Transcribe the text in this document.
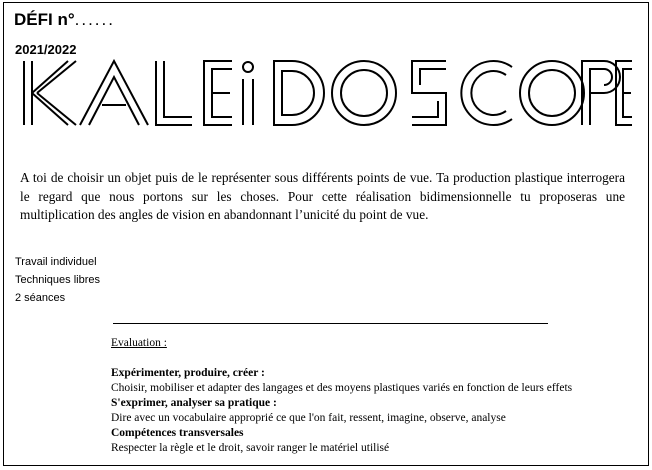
DÉFI n°......
2021/2022

A toi de choisir un objet puis de le représenter sous différents points de vue. Ta production plastique interrogera le regard que nous portons sur les choses. Pour cette réalisation bidimensionnelle tu proposeras une multiplication des angles de vision en abandonnant l’unicité du point de vue.

Travail individuel
Techniques libres
2 séances
Evaluation :
Expérimenter, produire, créer :
Choisir, mobiliser et adapter des langages et des moyens plastiques variés en fonction de leurs effets
S'exprimer, analyser sa pratique :
Dire avec un vocabulaire approprié ce que l'on fait, ressent, imagine, observe, analyse
Compétences transversales
Respecter la règle et le droit, savoir ranger le matériel utilisé
